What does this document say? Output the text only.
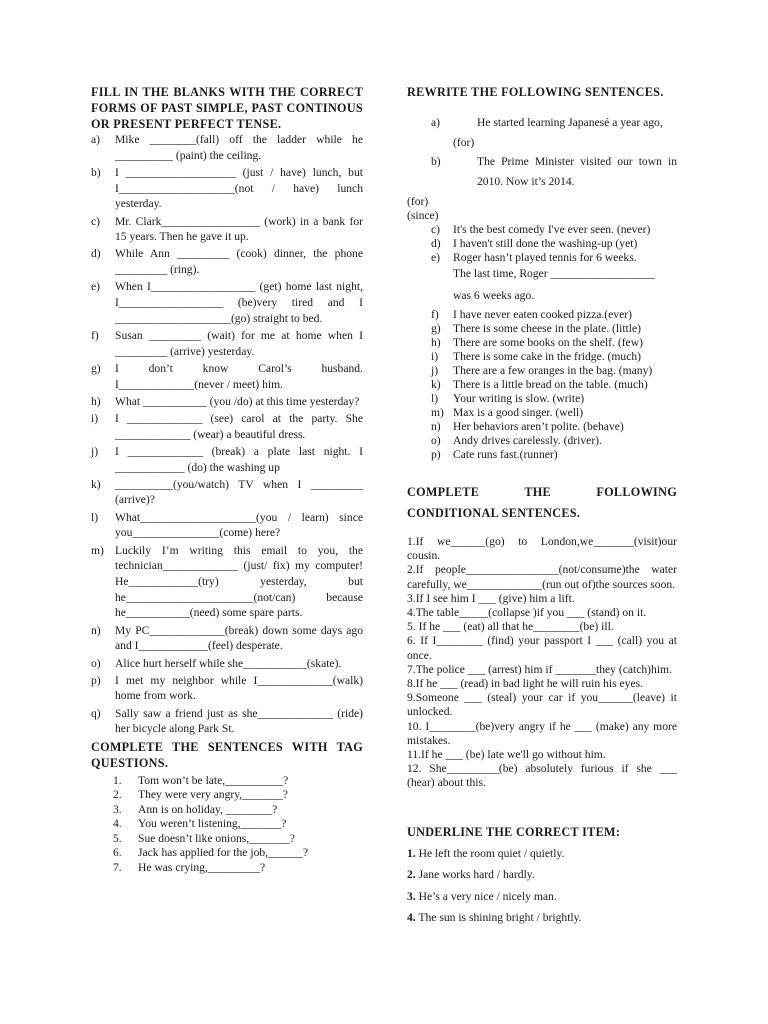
FILL IN THE BLANKS WITH THE CORRECT FORMS OF PAST SIMPLE, PAST CONTINOUS OR PRESENT PERFECT TENSE.

a)	Mike ________(fall) off the ladder while he __________ (paint) the ceiling.
b)	I ___________________ (just / have) lunch, but I____________________(not / have) lunch yesterday.
c)	Mr. Clark_________________ (work) in a bank for 15 years. Then he gave it up.
d)	While Ann _________ (cook) dinner, the phone _________ (ring).
e)	When I__________________ (get) home last night, I__________________ (be)very tired and I ____________________(go) straight to bed.
f)	Susan _________ (wait) for me at home when I _________ (arrive) yesterday.
g)	I don’t know Carol’s husband. I_____________(never / meet) him.
h)	What ___________ (you /do) at this time yesterday?
i)	I _____________ (see) carol at the party. She _____________ (wear) a beautiful dress.
j)	I _____________ (break) a plate last night. I ____________ (do) the washing up
k)	__________(you/watch) TV when I _________ (arrive)?
l)	What____________________(you / learn) since you_______________(come) here?
m) Luckily I’m writing this email to you, the technician_____________ (just/ fix) my computer! He____________(try) yesterday, but he______________________(not/can) because he___________(need) some spare parts.
n)	My PC_____________(break) down some days ago and I____________(feel) desperate.
o)	Alice hurt herself while she___________(skate).
p)	I met my neighbor while I_____________(walk) home from work.
q)	Sally saw a friend just as she_____________ (ride) her bicycle along Park St.

COMPLETE THE SENTENCES WITH TAG QUESTIONS.

1.	Tom won’t be late,__________?
2.	They were very angry,_______?
3.	Ann is on holiday, ________?
4.	You weren’t listening,_______?
5.	Sue doesn’t like onions,_______?
6.	Jack has applied for the job,______?
7.	He was crying,_________?

REWRITE THE FOLLOWING SENTENCES.

a)	He started learning Japanesé a year ago,
(for)
b)	The Prime Minister visited our town in 2010. Now it’s 2014.
(for)
(since)
c)	It's the best comedy I've ever seen. (never)
d)	I haven't still done the washing-up (yet)
e)	Roger hasn’t played tennis for 6 weeks.
The last time, Roger __________________
was 6 weeks ago.
f)	I have never eaten cooked pizza.(ever)
g)	There is some cheese in the plate. (little)
h)	There are some books on the shelf. (few)
i)	There is some cake in the fridge. (much)
j)	There are a few oranges in the bag. (many)
k)	There is a little bread on the table. (much)
l)	Your writing is slow. (write)
m) Max is a good singer. (well)
n)	Her behaviors aren’t polite. (behave)
o)	Andy drives carelessly. (driver).
p)	Cate runs fast.(runner)

COMPLETE THE FOLLOWING CONDITIONAL SENTENCES.

1.If we______(go) to London,we_______(visit)our cousin.
2.If people________________(not/consume)the water carefully, we_____________(run out of)the sources soon.
3.If I see him I ___ (give) him a lift.
4.The table_____(collapse )if you ___ (stand) on it.
5. If he ___ (eat) all that he________(be) ill.
6. If I________ (find) your passport I ___ (call) you at once.
7.The police ___ (arrest) him if _______they (catch)him.
8.If he ___ (read) in bad light he will ruin his eyes.
9.Someone ___ (steal) your car if you______(leave) it unlocked.
10. I________(be)very angry if he ___ (make) any more mistakes.
11.If he ___ (be) late we'll go without him.
12. She_________(be) absolutely furious if she ___ (hear) about this.

UNDERLINE THE CORRECT ITEM:

1. He left the room quiet / quietly.
2. Jane works hard / hardly.
3. He’s a very nice / nicely man.
4. The sun is shining bright / brightly.
